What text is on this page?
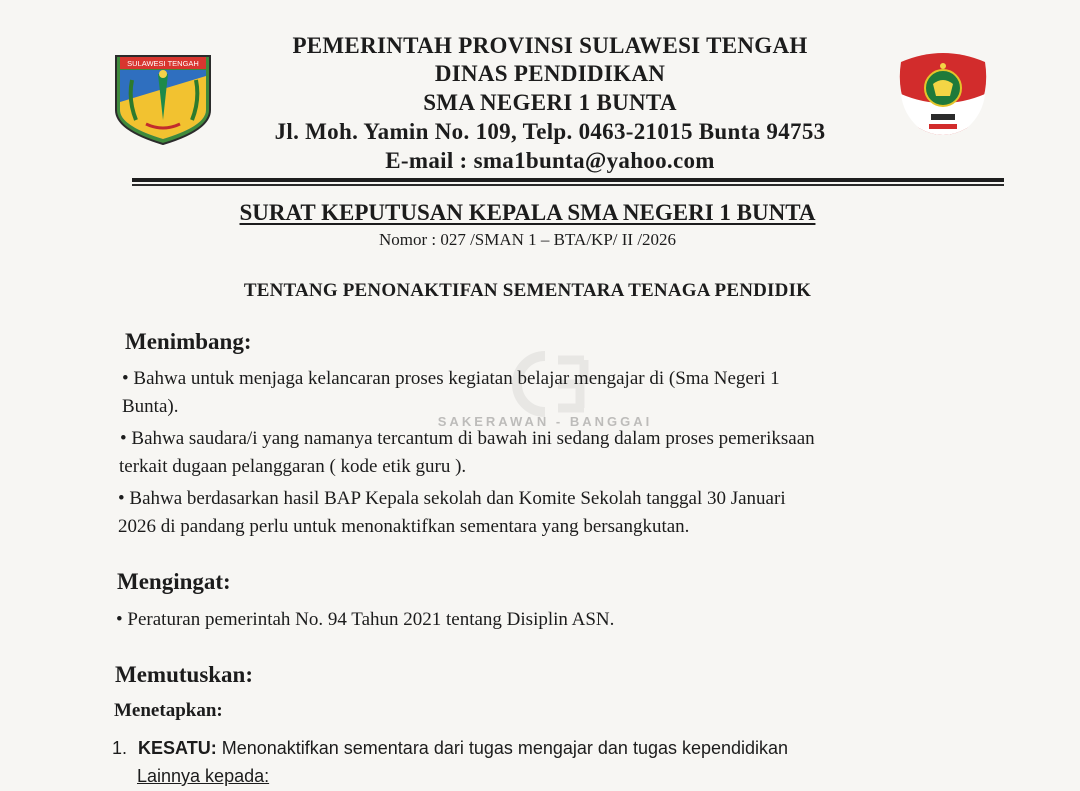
SULAWESI TENGAH
PEMERINTAH PROVINSI SULAWESI TENGAH
DINAS PENDIDIKAN
SMA NEGERI 1 BUNTA
Jl. Moh. Yamin No. 109, Telp. 0463-21015 Bunta 94753
E-mail : sma1bunta@yahoo.com
SURAT KEPUTUSAN KEPALA SMA NEGERI 1 BUNTA
Nomor : 027 /SMAN 1 – BTA/KP/ II /2026
TENTANG PENONAKTIFAN SEMENTARA TENAGA PENDIDIK
SAKERAWAN - BANGGAI
Menimbang:
• Bahwa untuk menjaga kelancaran proses kegiatan belajar mengajar di (Sma Negeri 1
Bunta).
• Bahwa saudara/i yang namanya tercantum di bawah ini sedang dalam proses pemeriksaan
terkait dugaan pelanggaran ( kode etik guru ).
• Bahwa berdasarkan hasil BAP Kepala sekolah dan Komite Sekolah tanggal 30 Januari
2026 di pandang perlu untuk menonaktifkan sementara yang bersangkutan.
Mengingat:
• Peraturan pemerintah No. 94 Tahun 2021 tentang Disiplin ASN.
Memutuskan:
Menetapkan:
1. KESATU: Menonaktifkan sementara dari tugas mengajar dan tugas kependidikan
Lainnya kepada:
